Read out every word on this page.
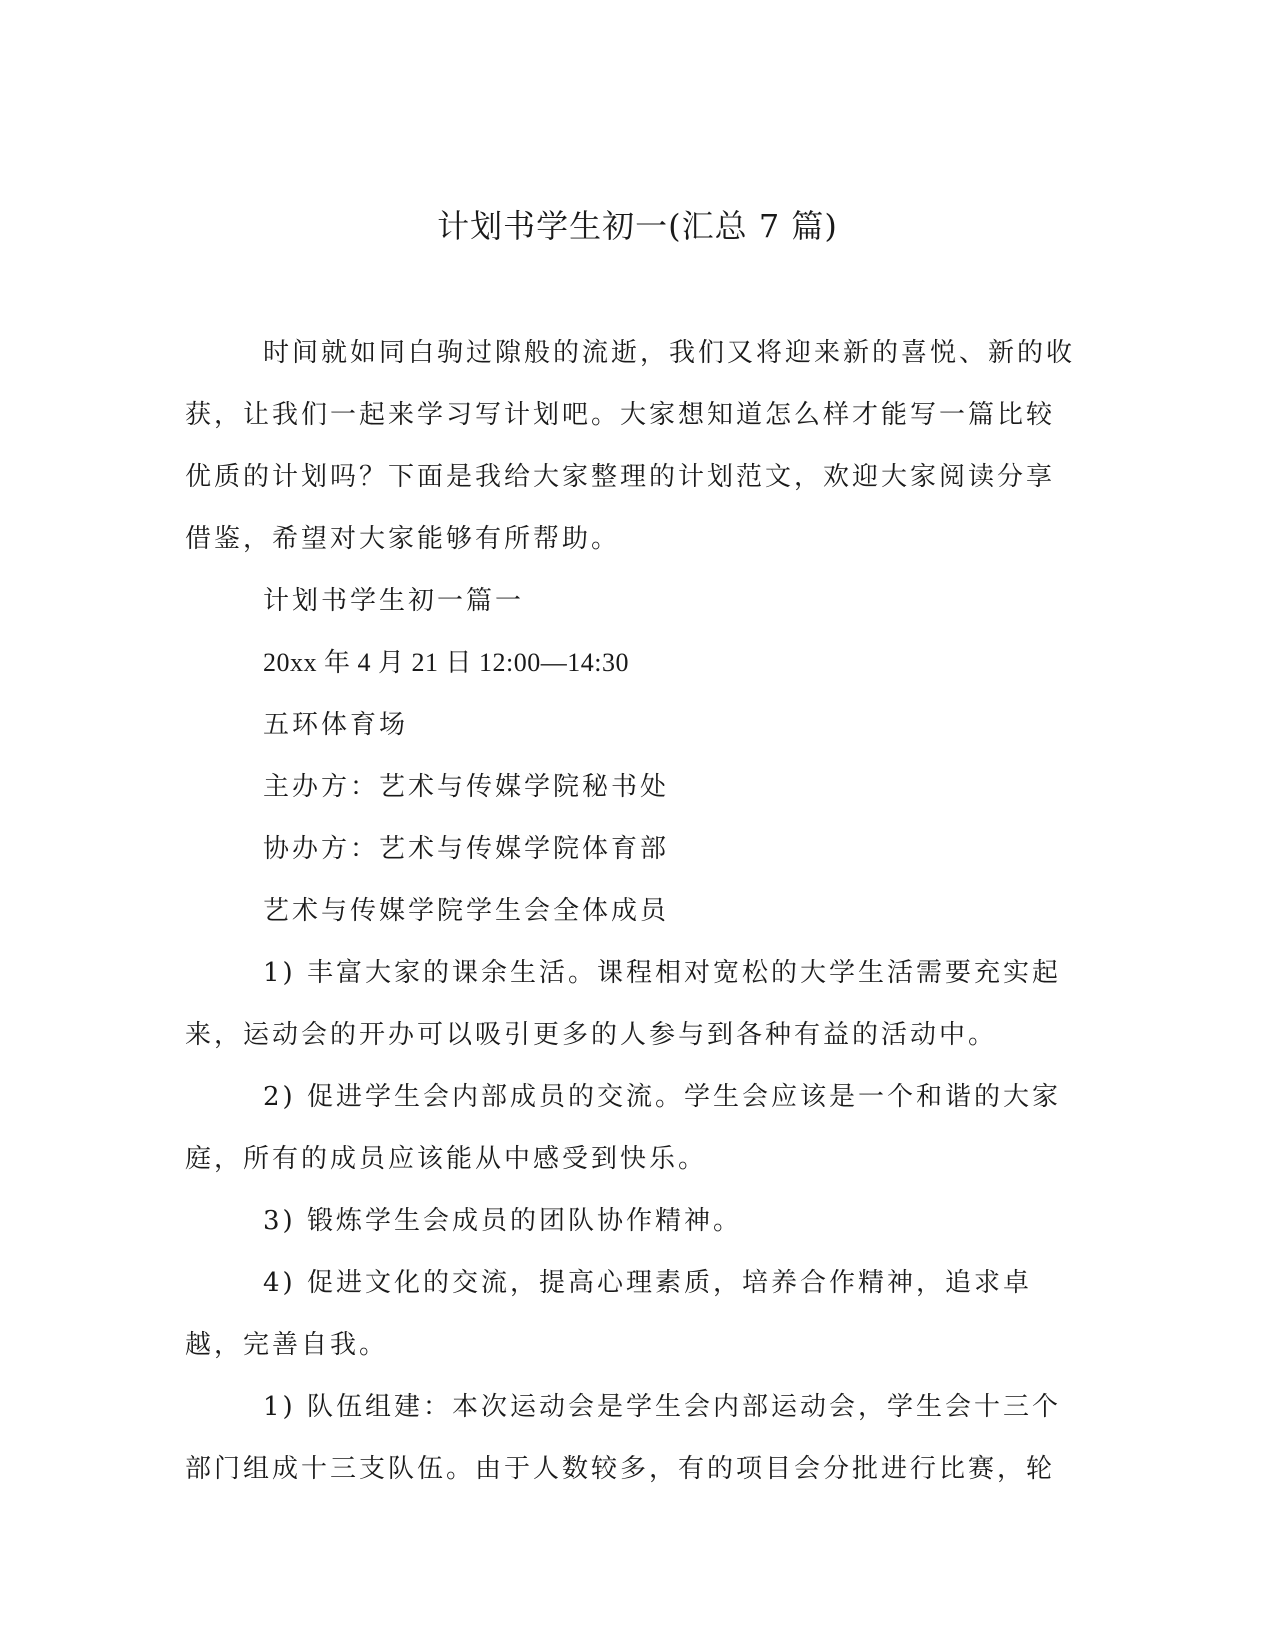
计划书学生初一(汇总 7 篇)

时间就如同白驹过隙般的流逝，我们又将迎来新的喜悦、新的收获，让我们一起来学习写计划吧。大家想知道怎么样才能写一篇比较优质的计划吗？下面是我给大家整理的计划范文，欢迎大家阅读分享借鉴，希望对大家能够有所帮助。

计划书学生初一篇一

20xx 年 4 月 21 日 12:00—14:30

五环体育场

主办方：艺术与传媒学院秘书处

协办方：艺术与传媒学院体育部

艺术与传媒学院学生会全体成员

1) 丰富大家的课余生活。课程相对宽松的大学生活需要充实起来，运动会的开办可以吸引更多的人参与到各种有益的活动中。

2) 促进学生会内部成员的交流。学生会应该是一个和谐的大家庭，所有的成员应该能从中感受到快乐。

3) 锻炼学生会成员的团队协作精神。

4) 促进文化的交流，提高心理素质，培养合作精神，追求卓越，完善自我。

1) 队伍组建：本次运动会是学生会内部运动会，学生会十三个部门组成十三支队伍。由于人数较多，有的项目会分批进行比赛，轮
